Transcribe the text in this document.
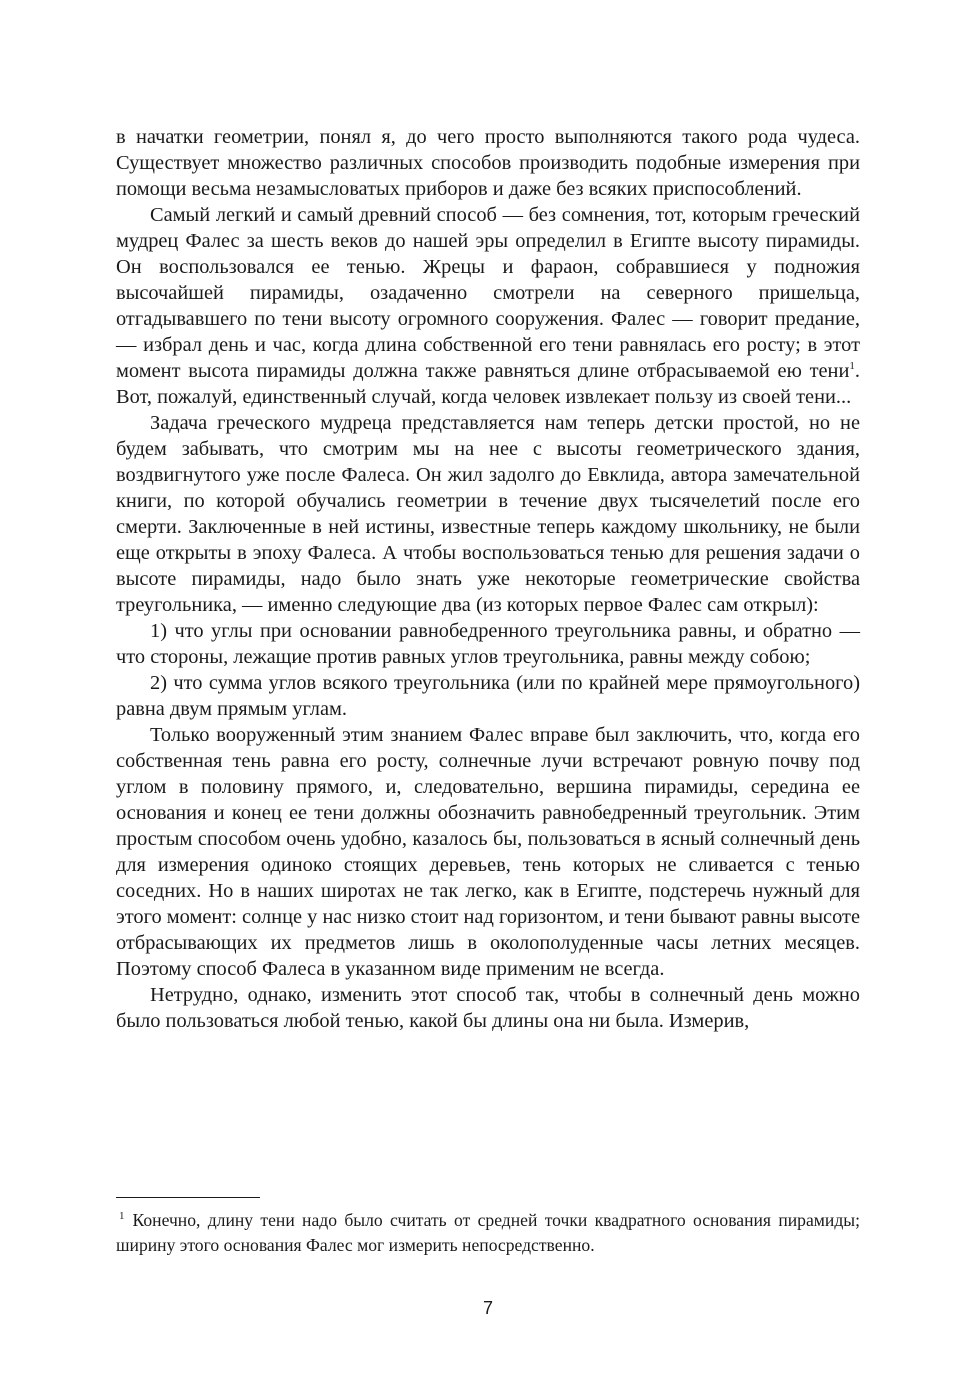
в начатки геометрии, понял я, до чего просто выполняются такого рода чудеса. Существует множество различных способов производить подобные измерения при помощи весьма незамысловатых приборов и даже без всяких приспособлений.

Самый легкий и самый древний способ — без сомнения, тот, которым греческий мудрец Фалес за шесть веков до нашей эры определил в Египте высоту пирамиды. Он воспользовался ее тенью. Жрецы и фараон, собравшиеся у подножия высочайшей пирамиды, озадаченно смотрели на северного пришельца, отгадывавшего по тени высоту огромного сооружения. Фалес — говорит предание, — избрал день и час, когда длина собственной его тени равнялась его росту; в этот момент высота пирамиды должна также равняться длине отбрасываемой ею тени$^1$. Вот, пожалуй, единственный случай, когда человек извлекает пользу из своей тени...

Задача греческого мудреца представляется нам теперь детски простой, но не будем забывать, что смотрим мы на нее с высоты геометрического здания, воздвигнутого уже после Фалеса. Он жил задолго до Евклида, автора замечательной книги, по которой обучались геометрии в течение двух тысячелетий после его смерти. Заключенные в ней истины, известные теперь каждому школьнику, не были еще открыты в эпоху Фалеса. А чтобы воспользоваться тенью для решения задачи о высоте пирамиды, надо было знать уже некоторые геометрические свойства треугольника, — именно следующие два (из которых первое Фалес сам открыл):

1) что углы при основании равнобедренного треугольника равны, и обратно — что стороны, лежащие против равных углов треугольника, равны между собою;

2) что сумма углов всякого треугольника (или по крайней мере прямоугольного) равна двум прямым углам.

Только вооруженный этим знанием Фалес вправе был заключить, что, когда его собственная тень равна его росту, солнечные лучи встречают ровную почву под углом в половину прямого, и, следовательно, вершина пирамиды, середина ее основания и конец ее тени должны обозначить равнобедренный треугольник. Этим простым способом очень удобно, казалось бы, пользоваться в ясный солнечный день для измерения одиноко стоящих деревьев, тень которых не сливается с тенью соседних. Но в наших широтах не так легко, как в Египте, подстеречь нужный для этого момент: солнце у нас низко стоит над горизонтом, и тени бывают равны высоте отбрасывающих их предметов лишь в околополуденные часы летних месяцев. Поэтому способ Фалеса в указанном виде применим не всегда.

Нетрудно, однако, изменить этот способ так, чтобы в солнечный день можно было пользоваться любой тенью, какой бы длины она ни была. Измерив,

$^1$ Конечно, длину тени надо было считать от средней точки квадратного основания пирамиды; ширину этого основания Фалес мог измерить непосредственно.

7
